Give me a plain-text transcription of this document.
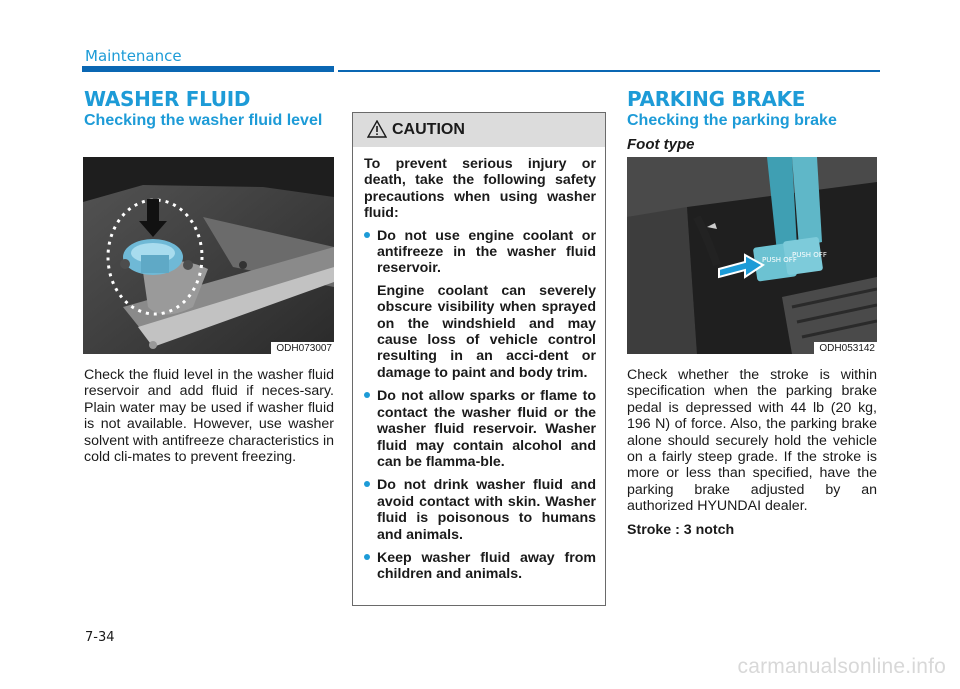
Maintenance
WASHER FLUID
Checking the washer fluid level
ODH073007

Check the fluid level in the washer fluid reservoir and add fluid if neces-sary. Plain water may be used if washer fluid is not available. However, use washer solvent with antifreeze characteristics in cold cli-mates to prevent freezing.

CAUTION

To prevent serious injury or death, take the following safety precautions when using washer fluid:

Do not use engine coolant or antifreeze in the washer fluid reservoir.

Engine coolant can severely obscure visibility when sprayed on the windshield and may cause loss of vehicle control resulting in an acci-dent or damage to paint and body trim.

Do not allow sparks or flame to contact the washer fluid or the washer fluid reservoir. Washer fluid may contain alcohol and can be flamma-ble.

Do not drink washer fluid and avoid contact with skin. Washer fluid is poisonous to humans and animals.

Keep washer fluid away from children and animals.

PARKING BRAKE
Checking the parking brake
Foot type
PUSH OFF
PUSH OFF
ODH053142

Check whether the stroke is within specification when the parking brake pedal is depressed with 44 lb (20 kg, 196 N) of force. Also, the parking brake alone should securely hold the vehicle on a fairly steep grade. If the stroke is more or less than specified, have the parking brake adjusted by an authorized HYUNDAI dealer.

Stroke : 3 notch

7-34
carmanualsonline.info
